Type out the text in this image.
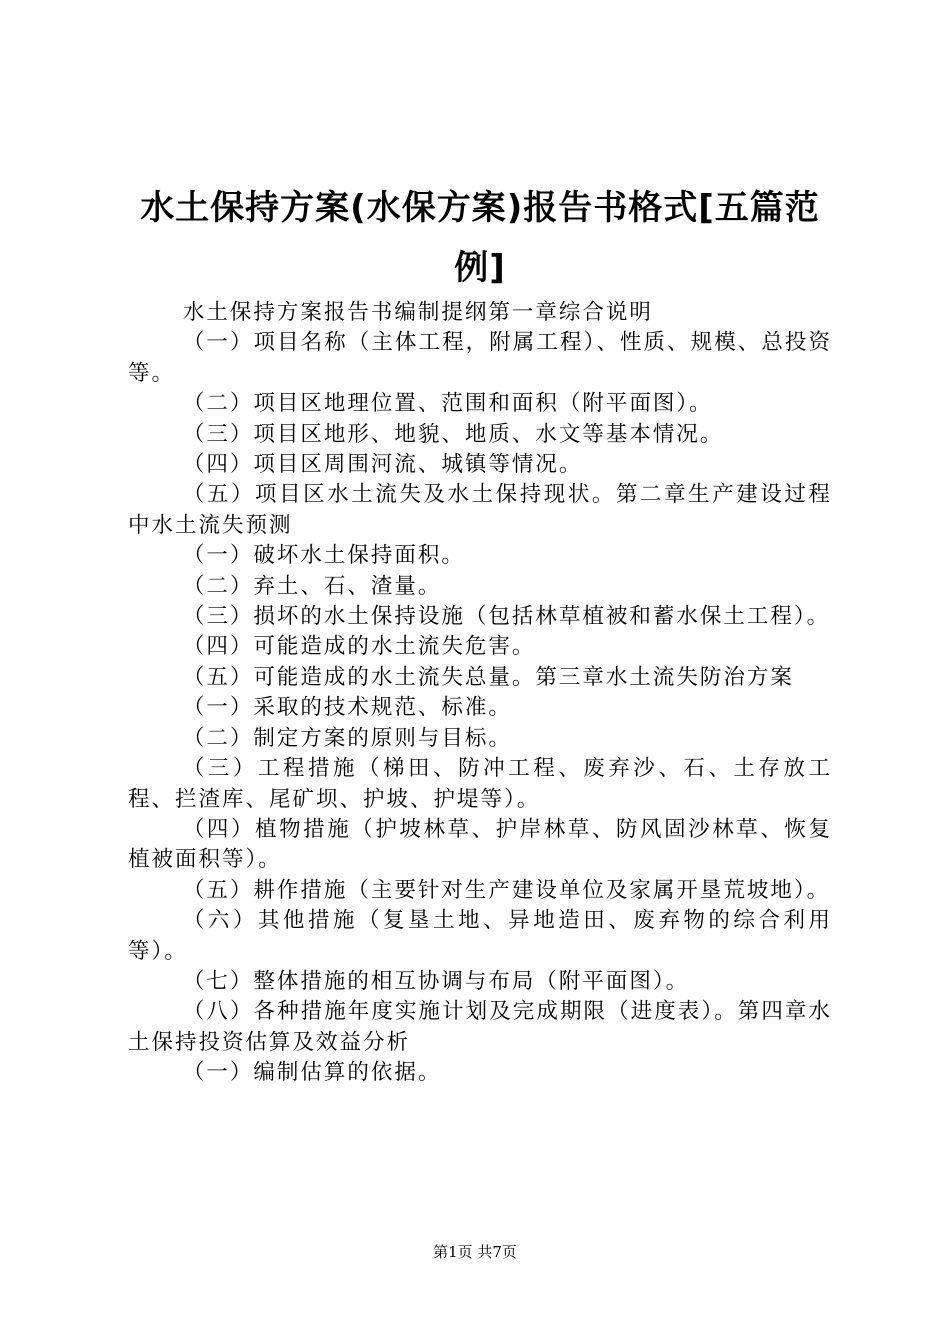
水土保持方案(水保方案)报告书格式[五篇范例]

水土保持方案报告书编制提纲第一章综合说明

（一）项目名称（主体工程，附属工程）、性质、规模、总投资等。

（二）项目区地理位置、范围和面积（附平面图）。

（三）项目区地形、地貌、地质、水文等基本情况。

（四）项目区周围河流、城镇等情况。

（五）项目区水土流失及水土保持现状。第二章生产建设过程中水土流失预测

（一）破坏水土保持面积。

（二）弃土、石、渣量。

（三）损坏的水土保持设施（包括林草植被和蓄水保土工程）。

（四）可能造成的水土流失危害。

（五）可能造成的水土流失总量。第三章水土流失防治方案

（一）采取的技术规范、标准。

（二）制定方案的原则与目标。

（三）工程措施（梯田、防冲工程、废弃沙、石、土存放工程、拦渣库、尾矿坝、护坡、护堤等）。

（四）植物措施（护坡林草、护岸林草、防风固沙林草、恢复植被面积等）。

（五）耕作措施（主要针对生产建设单位及家属开垦荒坡地）。

（六）其他措施（复垦土地、异地造田、废弃物的综合利用等）。

（七）整体措施的相互协调与布局（附平面图）。

（八）各种措施年度实施计划及完成期限（进度表）。第四章水土保持投资估算及效益分析

（一）编制估算的依据。

第1页 共7页
